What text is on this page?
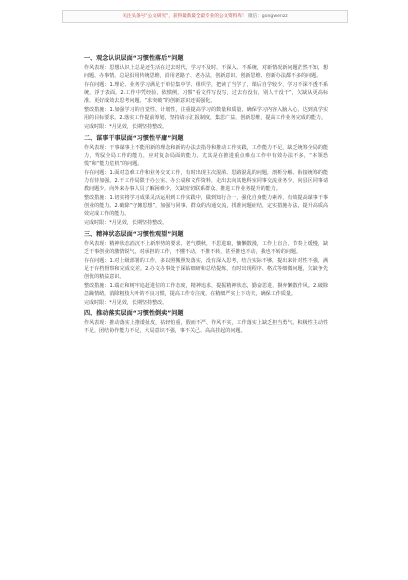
关注头条号“公文研究”，获得最新最全最专业的公文资料库！ 微信：gongwenzz
一、观念认识层面“习惯性落后”问题
作风表现：思想认识上总是还生活在过去时代，学习不及时、不深入、不系统，对新情况新问题茫然不知，想问题、办事情，总是沿用传统思维，沿用老路子、老办法，创新意识、创新思维、创新办法都不多的问题。
存在问题：1.理论、业务学习满足于单位集中学、组织学，把读了当学了，课后自学较少，学习不深不透不系统，浮于表面。2.工作中凭经验、依惯例，习惯“看文件写没写，过去有没有，别人干没干”，欠缺从更高标准、更好成效去思考问题、“求突破”的创新意识还需强化。
整改措施：1.加强学习的自觉性、计划性，注重提高学习的数量和质量，确保学习内容入脑入心，达到真学实用的目标要求。2.落实工作提前筹划，坚持请示汇报制度，集思广益、创新思维，提高工作业务完成的能力。
完成时限：*月见效，长期坚持整改。
二、谋事干事层面“习惯性平庸”问题
作风表现：干事谋事上不能用新的理念和新的办法去指导和推动工作实践，工作能力不足，缺乏统筹全局的能力，驾驭全局工作的能力，应对复杂局面的能力，尤其是在推进重点难点工作中有效办法不多，“本领恐慌”和“能力危机”的问题。
存在问题：1.面对急难工作和业务交叉工作，有时出现主次混淆、思路混乱的问题，剖析分解、衔接统筹的能力有待加强。2.干工作局限于办公室、办公桌和文件资料，走出去向其他科室同事交流业务少，向县区同事请教问题少，向外来办事人员了解困难少，欠缺密切联系群众、推进工作业务提升的能力。
整改措施：1.切实将学习成果灵活运用到工作实践中，做到知行合一，强化自身能力素养，有效提高谋事干事创业的能力。2.破除“守摊思想”，加强与同事、群众的沟通交流，找准问题症结，定实措施办法，提升高质高效完成工作的能力。
完成时限：*月见效，长期坚持整改。
三、精神状态层面“习惯性观望”问题
作风表现：精神状态消沉不上新形势的要求，老气横秋，不思进取，慵懒散漫，工作上盲合，节奏上缓慢，缺乏干事创业的激情锐气，对承担的工作，不懂不动，不推不转，甚至推也不动，我也不转的问题。
存在问题：1.对上级部署的工作，多以照搬照发落实，没有深入思考，结合实际不够，提出来针对性不强，满足于存档督察和完成交差。2.办文办事处于深钻细研和总结提炼，有时出现程序、格式等细微问题，欠缺争先创优的精益意识。
整改措施：1.端正和树牢追赶进位的工作态度，精神追求，提振精神状态，勤奋思进，摒弃懒散作风。2.破除急躁情绪，消除粗枝大叶的不良习惯，提高工作专注度，在精细严实上下功夫，确保工作质量。
完成时限：*月见效，长期坚持整改。
四、推动落实层面“习惯性倒卖”问题
作风表现：推动落实上推诿扯皮，拈轻怕重，假而不严、作风不实，工作落实上缺乏担当勇气、积极性主动性不足，团结协作能力不足，大局意识不强，事不关己、高高挂起的问题。
